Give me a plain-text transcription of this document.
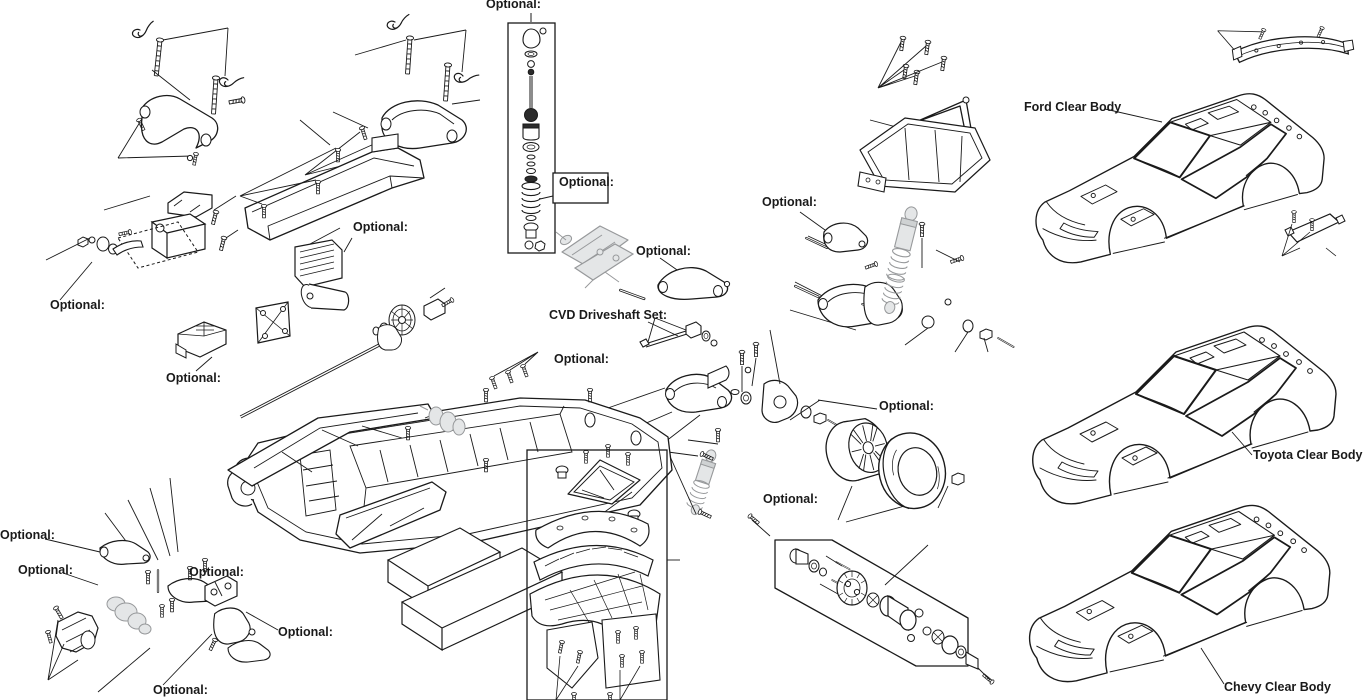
Optional:
Optional:
Optional:
Optional:
Optional:
CVD Driveshaft Set:
Optional:
Optional:
Optional:
Optional:
Optional:
Optional:
Optional:	Optional:
Optional:
Optional:
Ford Clear Body
Toyota Clear Body
Chevy Clear Body
